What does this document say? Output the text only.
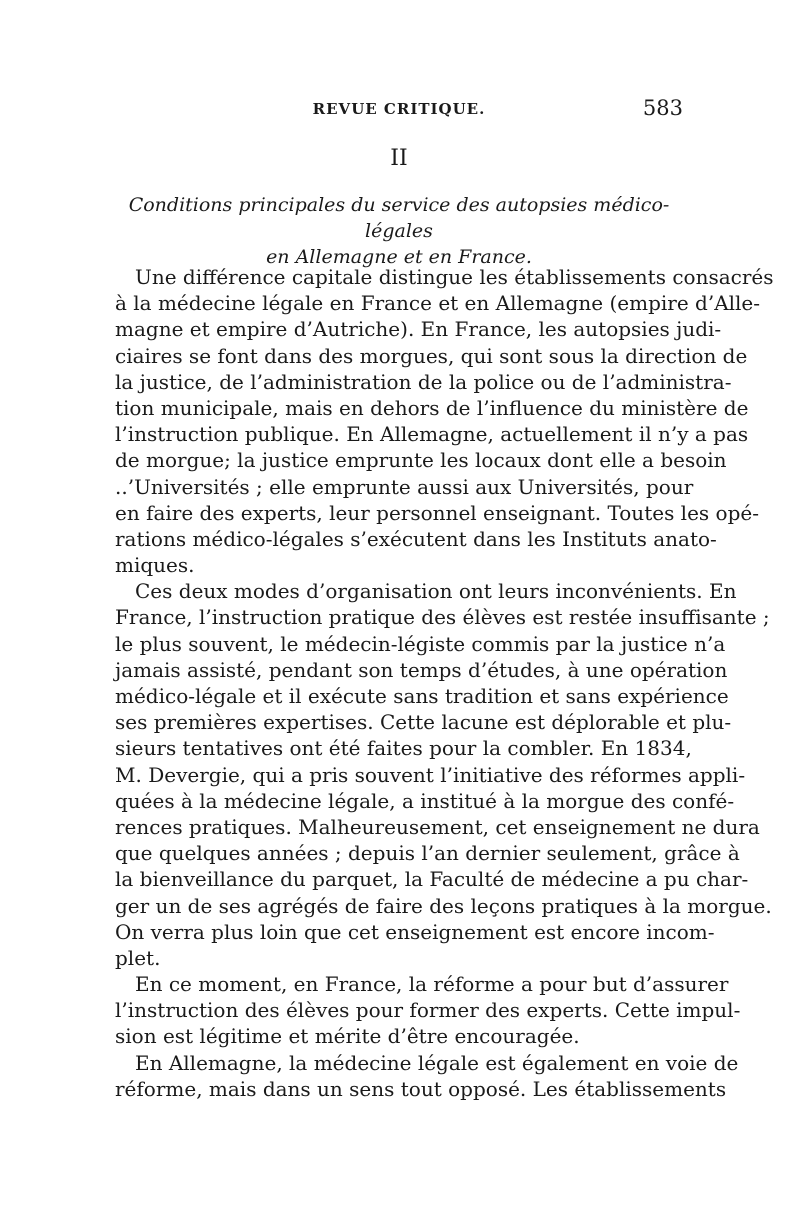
REVUE CRITIQUE.	583
II
Conditions principales du service des autopsies médico-légales
en Allemagne et en France.
Une différence capitale distingue les établissements consacrés
à la médecine légale en France et en Allemagne (empire d’Alle-
magne et empire d’Autriche). En France, les autopsies judi-
ciaires se font dans des morgues, qui sont sous la direction de
la justice, de l’administration de la police ou de l’administra-
tion municipale, mais en dehors de l’influence du ministère de
l’instruction publique. En Allemagne, actuellement il n’y a pas
de morgue; la justice emprunte les locaux dont elle a besoin
..’Universités ; elle emprunte aussi aux Universités, pour
en faire des experts, leur personnel enseignant. Toutes les opé-
rations médico-légales s’exécutent dans les Instituts anato-
miques.
Ces deux modes d’organisation ont leurs inconvénients. En
France, l’instruction pratique des élèves est restée insuffisante ;
le plus souvent, le médecin-légiste commis par la justice n’a
jamais assisté, pendant son temps d’études, à une opération
médico-légale et il exécute sans tradition et sans expérience
ses premières expertises. Cette lacune est déplorable et plu-
sieurs tentatives ont été faites pour la combler. En 1834,
M. Devergie, qui a pris souvent l’initiative des réformes appli-
quées à la médecine légale, a institué à la morgue des confé-
rences pratiques. Malheureusement, cet enseignement ne dura
que quelques années ; depuis l’an dernier seulement, grâce à
la bienveillance du parquet, la Faculté de médecine a pu char-
ger un de ses agrégés de faire des leçons pratiques à la morgue.
On verra plus loin que cet enseignement est encore incom-
plet.
En ce moment, en France, la réforme a pour but d’assurer
l’instruction des élèves pour former des experts. Cette impul-
sion est légitime et mérite d’être encouragée.
En Allemagne, la médecine légale est également en voie de
réforme, mais dans un sens tout opposé. Les établissements
